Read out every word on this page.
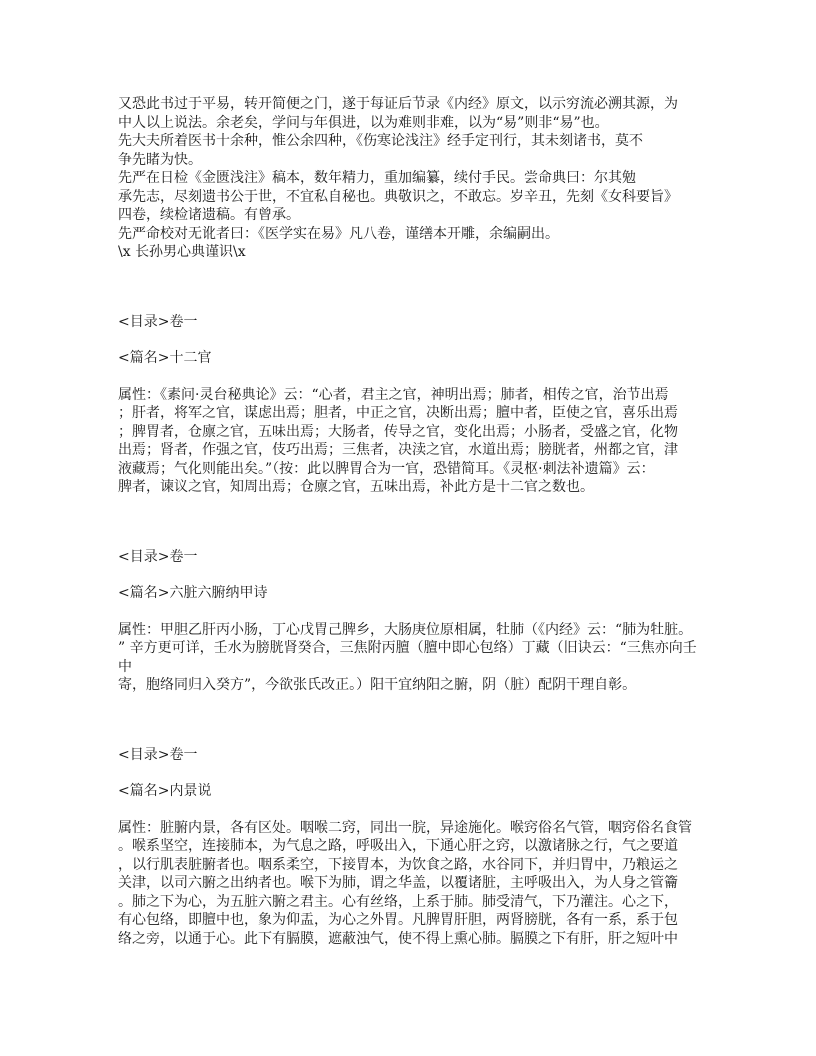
又恐此书过于平易，转开简便之门，遂于每证后节录《内经》原文，以示穷流必溯其源，为
中人以上说法。余老矣，学问与年俱进，以为难则非难，以为“易”则非“易”也。
先大夫所着医书十余种，惟公余四种，《伤寒论浅注》经手定刊行，其未刻诸书，莫不
争先睹为快。
先严在日检《金匮浅注》稿本，数年精力，重加编纂，续付手民。尝命典曰：尔其勉
承先志，尽刻遗书公于世，不宜私自秘也。典敬识之，不敢忘。岁辛丑，先刻《女科要旨》
四卷，续检诸遗稿。有曾承。
先严命校对无讹者曰：《医学实在易》凡八卷，谨缮本开雕，余编嗣出。
\x 长孙男心典谨识\x
<目录>卷一
<篇名>十二官
属性：《素问·灵台秘典论》云：“心者，君主之官，神明出焉；肺者，相传之官，治节出焉
；肝者，将军之官，谋虑出焉；胆者，中正之官，决断出焉；膻中者，臣使之官，喜乐出焉
；脾胃者，仓廪之官，五味出焉；大肠者，传导之官，变化出焉；小肠者，受盛之官，化物
出焉；肾者，作强之官，伎巧出焉；三焦者，决渎之官，水道出焉；膀胱者，州都之官，津
液藏焉；气化则能出矣。”（按：此以脾胃合为一官，恐错简耳。《灵枢·刺法补遗篇》云：
脾者，谏议之官，知周出焉；仓廪之官，五味出焉，补此方是十二官之数也。
<目录>卷一
<篇名>六脏六腑纳甲诗
属性：甲胆乙肝丙小肠，丁心戊胃己脾乡，大肠庚位原相属，牡肺（《内经》云：“肺为牡脏。
” 辛方更可详，壬水为膀胱肾癸合，三焦附丙膻（膻中即心包络）丁藏（旧诀云：“三焦亦向壬
中
寄，胞络同归入癸方”，今欲张氏改正。）阳干宜纳阳之腑，阴（脏）配阴干理自彰。
<目录>卷一
<篇名>内景说
属性：脏腑内景，各有区处。咽喉二窍，同出一脘，异途施化。喉窍俗名气管，咽窍俗名食管
。喉系坚空，连接肺本，为气息之路，呼吸出入，下通心肝之窍，以激诸脉之行，气之要道
，以行肌表脏腑者也。咽系柔空，下接胃本，为饮食之路，水谷同下，并归胃中，乃粮运之
关津，以司六腑之出纳者也。喉下为肺，谓之华盖，以覆诸脏，主呼吸出入，为人身之管籥
。肺之下为心，为五脏六腑之君主。心有丝络，上系于肺。肺受清气，下乃灌注。心之下，
有心包络，即膻中也，象为仰盂，为心之外胃。凡脾胃肝胆，两肾膀胱，各有一系，系于包
络之旁，以通于心。此下有膈膜，遮蔽浊气，使不得上熏心肺。膈膜之下有肝，肝之短叶中
